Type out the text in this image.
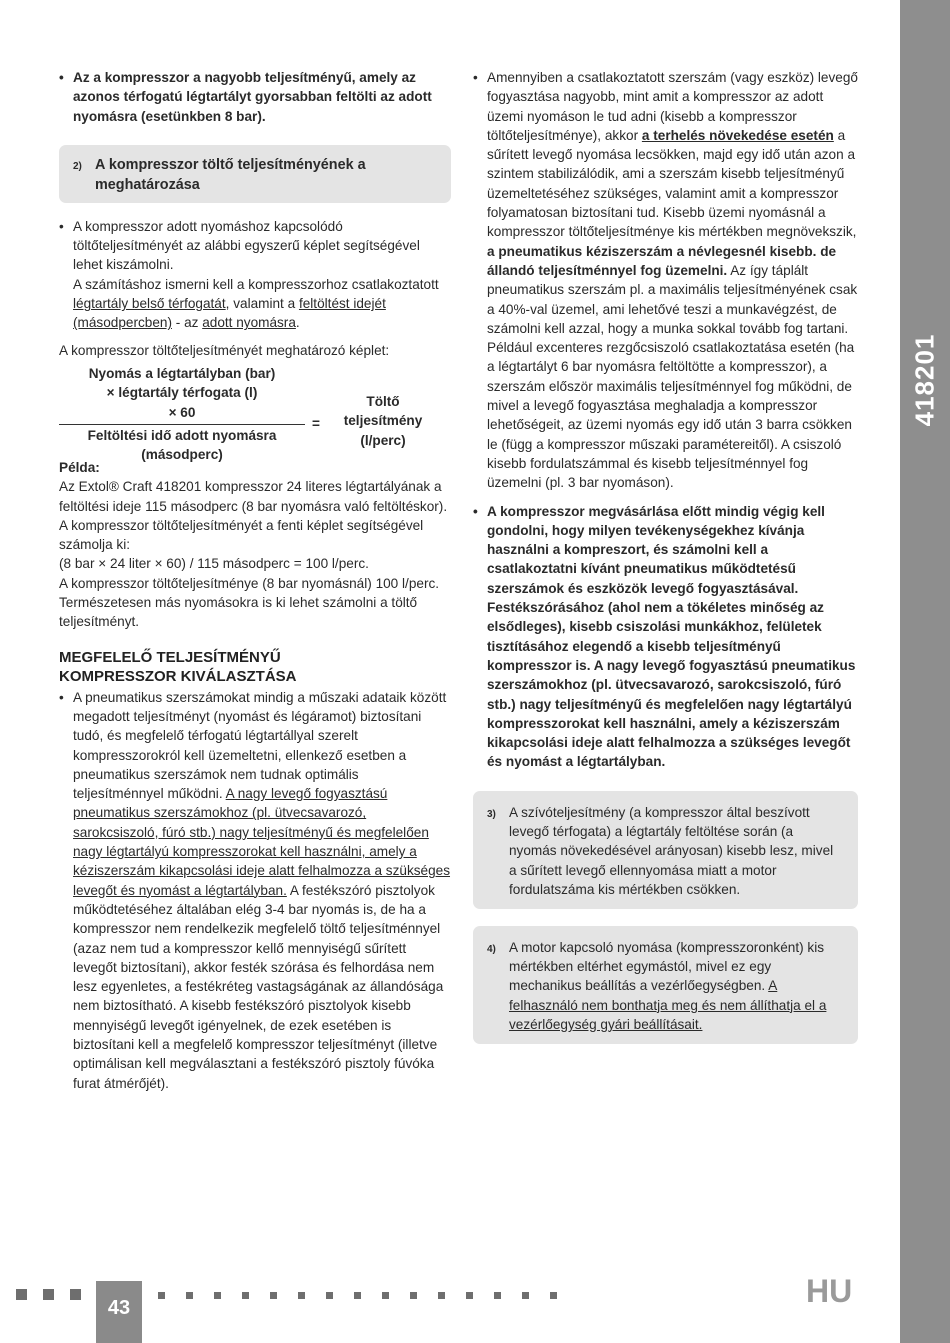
418201
• Az a kompresszor a nagyobb teljesítményű, amely az azonos térfogatú légtartályt gyorsabban feltölti az adott nyomásra (esetünkben 8 bar).
2) A kompresszor töltő teljesítményének a meghatározása

• A kompresszor adott nyomáshoz kapcsolódó töltőteljesítményét az alábbi egyszerű képlet segítségével lehet kiszámolni.

A számításhoz ismerni kell a kompresszorhoz csatlakoztatott légtartály belső térfogatát, valamint a feltöltést idejét (másodpercben) - az adott nyomásra.

A kompresszor töltőteljesítményét meghatározó képlet:

Nyomás a légtartályban (bar)
× légtartály térfogata (l)
× 60
Feltöltési idő adott nyomásra
(másodperc)
=
Töltő
teljesítmény
(l/perc)

Példa:

Az Extol® Craft 418201 kompresszor 24 literes légtartályának a feltöltési ideje 115 másodperc (8 bar nyomásra való feltöltéskor).

A kompresszor töltőteljesítményét a fenti képlet segítségével számolja ki:

(8 bar × 24 liter × 60) / 115 másodperc = 100 l/perc.

A kompresszor töltőteljesítménye (8 bar nyomásnál) 100 l/perc. Természetesen más nyomásokra is ki lehet számolni a töltő teljesítményt.

MEGFELELŐ TELJESÍTMÉNYŰ
KOMPRESSZOR KIVÁLASZTÁSA
• A pneumatikus szerszámokat mindig a műszaki adataik között megadott teljesítményt (nyomást és légáramot) biztosítani tudó, és megfelelő térfogatú légtartállyal szerelt kompresszorokról kell üzemeltetni, ellenkező esetben a pneumatikus szerszámok nem tudnak optimális teljesítménnyel működni. A nagy levegő fogyasztású pneumatikus szerszámokhoz (pl. ütvecsavarozó, sarokcsiszoló, fúró stb.) nagy teljesítményű és megfelelően nagy légtartályú kompresszorokat kell használni, amely a kéziszerszám kikapcsolási ideje alatt felhalmozza a szükséges levegőt és nyomást a légtartályban. A festékszóró pisztolyok működtetéséhez általában elég 3-4 bar nyomás is, de ha a kompresszor nem rendelkezik megfelelő töltő teljesítménnyel (azaz nem tud a kompresszor kellő mennyiségű sűrített levegőt biztosítani), akkor festék szórása és felhordása nem lesz egyenletes, a festékréteg vastagságának az állandósága nem biztosítható. A kisebb festékszóró pisztolyok kisebb mennyiségű levegőt igényelnek, de ezek esetében is biztosítani kell a megfelelő kompresszor teljesítményt (illetve optimálisan kell megválasztani a festékszóró pisztoly fúvóka furat átmérőjét).
• Amennyiben a csatlakoztatott szerszám (vagy eszköz) levegő fogyasztása nagyobb, mint amit a kompresszor az adott üzemi nyomáson le tud adni (kisebb a kompresszor töltőteljesítménye), akkor a terhelés növekedése esetén a sűrített levegő nyomása lecsökken, majd egy idő után azon a szintem stabilizálódik, ami a szerszám kisebb teljesítményű üzemeltetéséhez szükséges, valamint amit a kompresszor folyamatosan biztosítani tud. Kisebb üzemi nyomásnál a kompresszor töltőteljesítménye kis mértékben megnövekszik, a pneumatikus kéziszerszám a névlegesnél kisebb. de állandó teljesítménnyel fog üzemelni. Az így táplált pneumatikus szerszám pl. a maximális teljesítményének csak a 40%-val üzemel, ami lehetővé teszi a munkavégzést, de számolni kell azzal, hogy a munka sokkal tovább fog tartani. Például excenteres rezgőcsiszoló csatlakoztatása esetén (ha a légtartályt 6 bar nyomásra feltöltötte a kompresszor), a szerszám először maximális teljesítménnyel fog működni, de mivel a levegő fogyasztása meghaladja a kompresszor lehetőségeit, az üzemi nyomás egy idő után 3 barra csökken le (függ a kompresszor műszaki paramétereitől). A csiszoló kisebb fordulatszámmal és kisebb teljesítménnyel fog üzemelni (pl. 3 bar nyomáson).
• A kompresszor megvásárlása előtt mindig végig kell gondolni, hogy milyen tevékenységekhez kívánja használni a kompreszort, és számolni kell a csatlakoztatni kívánt pneumatikus működtetésű szerszámok és eszközök levegő fogyasztásával. Festékszórásához (ahol nem a tökéletes minőség az elsődleges), kisebb csiszolási munkákhoz, felületek tisztításához elegendő a kisebb teljesítményű kompresszor is. A nagy levegő fogyasztású pneumatikus szerszámokhoz (pl. ütvecsavarozó, sarokcsiszoló, fúró stb.) nagy teljesítményű és megfelelően nagy légtartályú kompresszorokat kell használni, amely a kéziszerszám kikapcsolási ideje alatt felhalmozza a szükséges levegőt és nyomást a légtartályban.
3) A szívóteljesítmény (a kompresszor által beszívott levegő térfogata) a légtartály feltöltése során (a nyomás növekedésével arányosan) kisebb lesz, mivel a sűrített levegő ellennyomása miatt a motor fordulatszáma kis mértékben csökken.
4) A motor kapcsoló nyomása (kompresszoronként) kis mértékben eltérhet egymástól, mivel ez egy mechanikus beállítás a vezérlőegységben. A felhasználó nem bonthatja meg és nem állíthatja el a vezérlőegység gyári beállításait.
43	HU
